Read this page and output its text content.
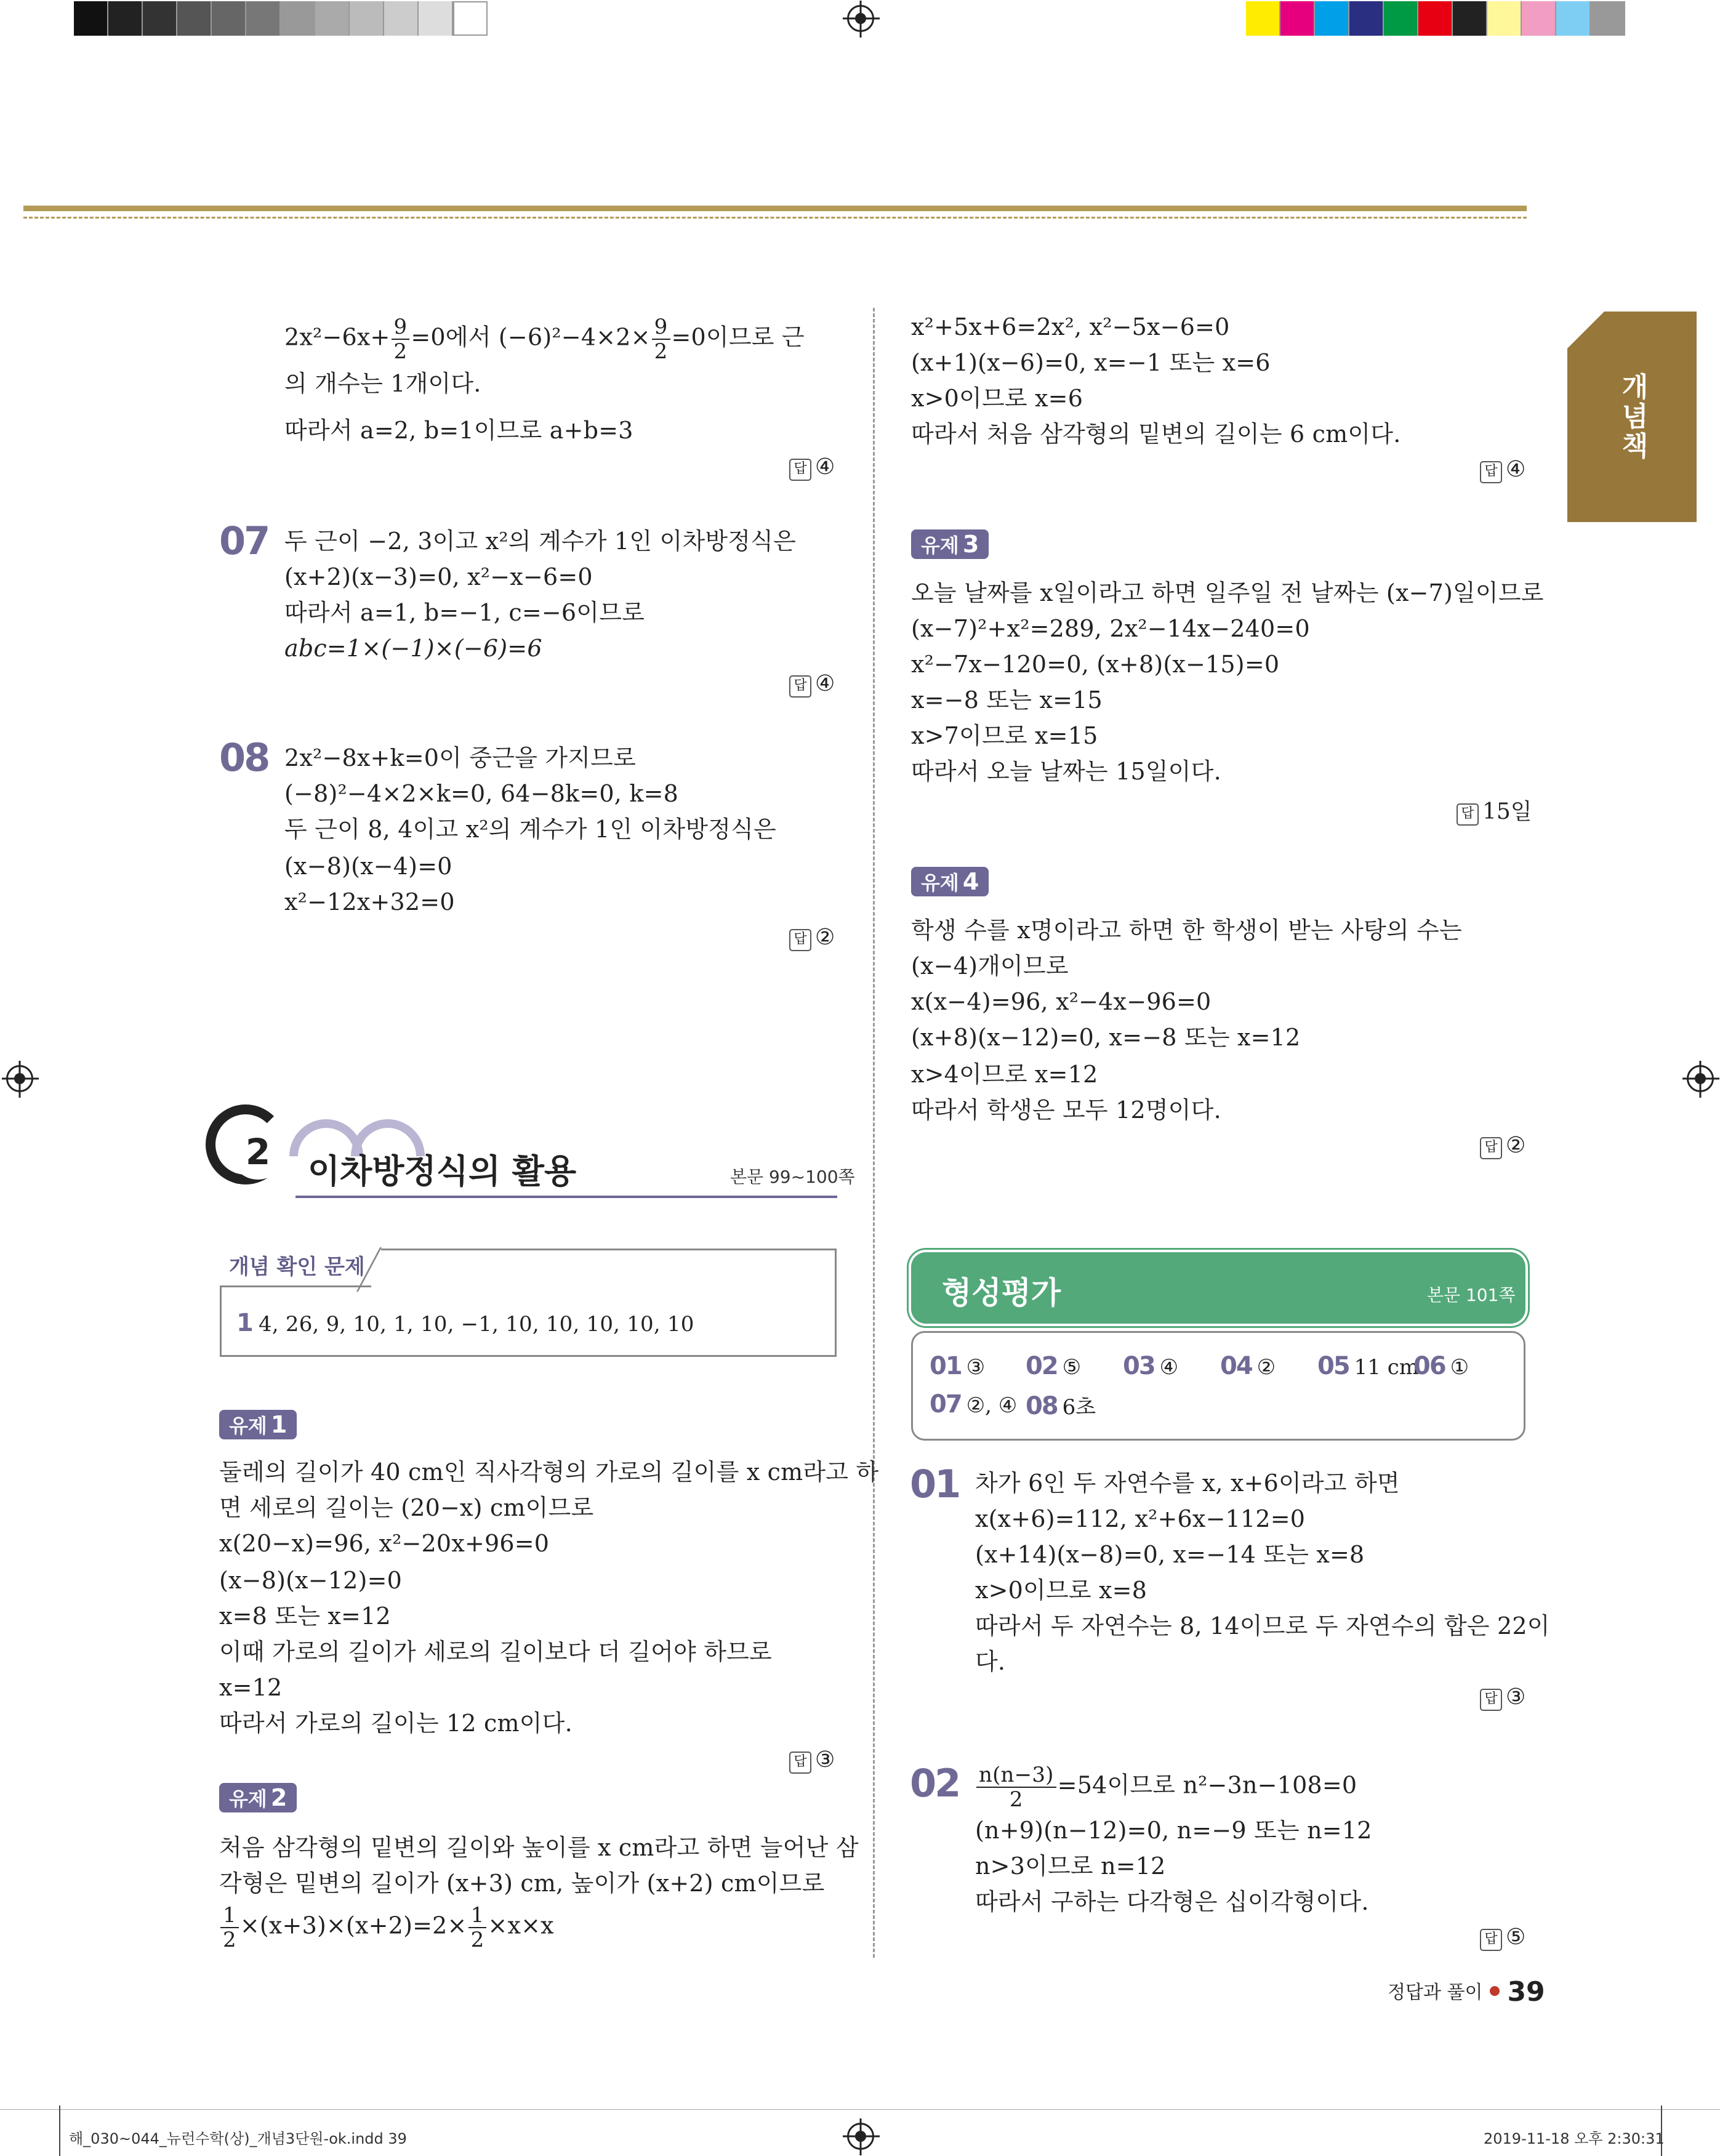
개념책
$2x^2-6x+ \frac{9}{2} =0$에서 $(-6)^2-4\times 2\times \frac{9}{2} =0$이므로 근
의 개수는 1개이다.
따라서 a=2, b=1이므로 a+b=3
답 ④
07 두 근이 −2, 3이고 x²의 계수가 1인 이차방정식은
(x+2)(x−3)=0, x²−x−6=0
따라서 a=1, b=−1, c=−6이므로
abc=1×(−1)×(−6)=6
답 ④
08 2x²−8x+k=0이 중근을 가지므로
(−8)²−4×2×k=0, 64−8k=0, k=8
두 근이 8, 4이고 x²의 계수가 1인 이차방정식은
(x−8)(x−4)=0
x²−12x+32=0
답 ②
2	이차방정식의 활용	본문 99~100쪽
개념 확인 문제
1 4, 26, 9, 10, 1, 10, −1, 10, 10, 10, 10, 10
유제 1
둘레의 길이가 40 cm인 직사각형의 가로의 길이를 x cm라고 하
면 세로의 길이는 (20−x) cm이므로
x(20−x)=96, x²−20x+96=0
(x−8)(x−12)=0
x=8 또는 x=12
이때 가로의 길이가 세로의 길이보다 더 길어야 하므로
x=12
따라서 가로의 길이는 12 cm이다.
답 ③
유제 2
처음 삼각형의 밑변의 길이와 높이를 x cm라고 하면 늘어난 삼
각형은 밑변의 길이가 (x+3) cm, 높이가 (x+2) cm이므로
$\frac{1}{2} \times(x+3)\times(x+2)=2\times \frac{1}{2} \times x\times x$
x²+5x+6=2x², x²−5x−6=0
(x+1)(x−6)=0, x=−1 또는 x=6
x>0이므로 x=6
따라서 처음 삼각형의 밑변의 길이는 6 cm이다.
답 ④
유제 3
오늘 날짜를 x일이라고 하면 일주일 전 날짜는 (x−7)일이므로
(x−7)²+x²=289, 2x²−14x−240=0
x²−7x−120=0, (x+8)(x−15)=0
x=−8 또는 x=15
x>7이므로 x=15
따라서 오늘 날짜는 15일이다.
답 15일
유제 4
학생 수를 x명이라고 하면 한 학생이 받는 사탕의 수는
(x−4)개이므로
x(x−4)=96, x²−4x−96=0
(x+8)(x−12)=0, x=−8 또는 x=12
x>4이므로 x=12
따라서 학생은 모두 12명이다.
답 ②
형성평가	본문 101쪽
01 ③ 02 ⑤ 03 ④ 04 ② 05 11 cm
06 ①
07 ②, ④ 08 6초
01 차가 6인 두 자연수를 x, x+6이라고 하면
x(x+6)=112, x²+6x−112=0
(x+14)(x−8)=0, x=−14 또는 x=8
x>0이므로 x=8
따라서 두 자연수는 8, 14이므로 두 자연수의 합은 22이
다.
답 ③
$02 \frac{n(n-3)}{2} =54$이므로 n²−3n−108=0
(n+9)(n−12)=0, n=−9 또는 n=12
n>3이므로 n=12
따라서 구하는 다각형은 십이각형이다.
답 ⑤
정답과 풀이 39
해_030~044_뉴런수학(상)_개념3단원-ok.indd 39	2019-11-18 오후 2:30:31
